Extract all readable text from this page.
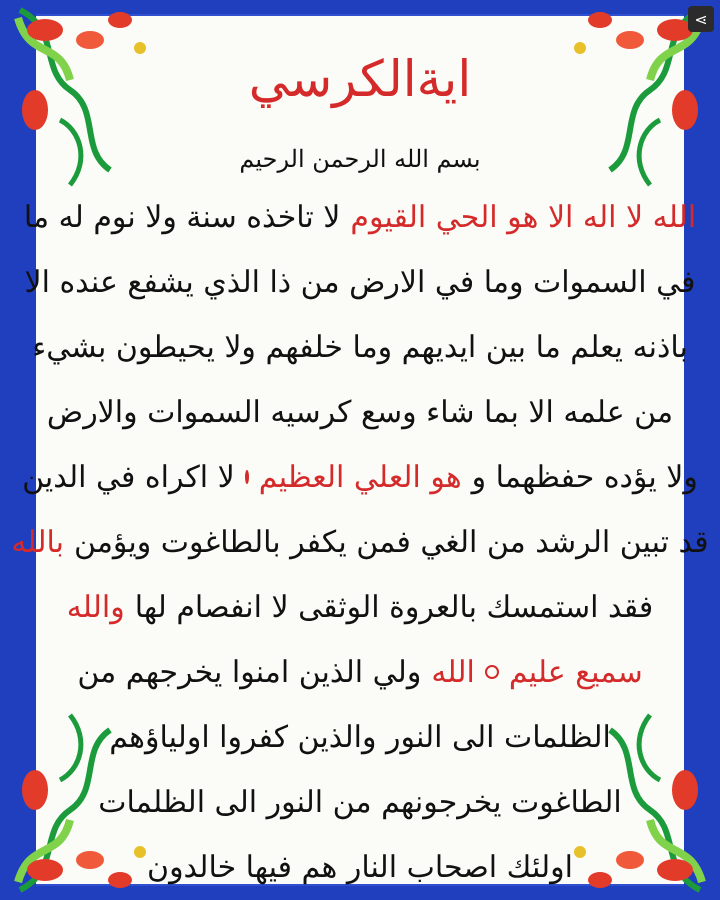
⋖
ايةالكرسي
بسم الله الرحمن الرحيم
الله لا اله الا هو الحي القيوم
لا تاخذه سنة ولا نوم له ما
في السموات وما في الارض من ذا الذي يشفع عنده الا
باذنه يعلم ما بين ايديهم وما خلفهم ولا يحيطون بشيء
من علمه الا بما شاء وسع كرسيه السموات والارض
ولا يؤده حفظهما و
هو العلي العظيم
لا اكراه في الدين
قد تبين الرشد من الغي فمن يكفر بالطاغوت ويؤمن
بالله
فقد استمسك بالعروة الوثقى لا انفصام لها
والله
سميع عليم
الله
ولي الذين امنوا يخرجهم من
الظلمات الى النور والذين كفروا اولياؤهم
الطاغوت يخرجونهم من النور الى الظلمات
اولئك اصحاب النار هم فيها خالدون
